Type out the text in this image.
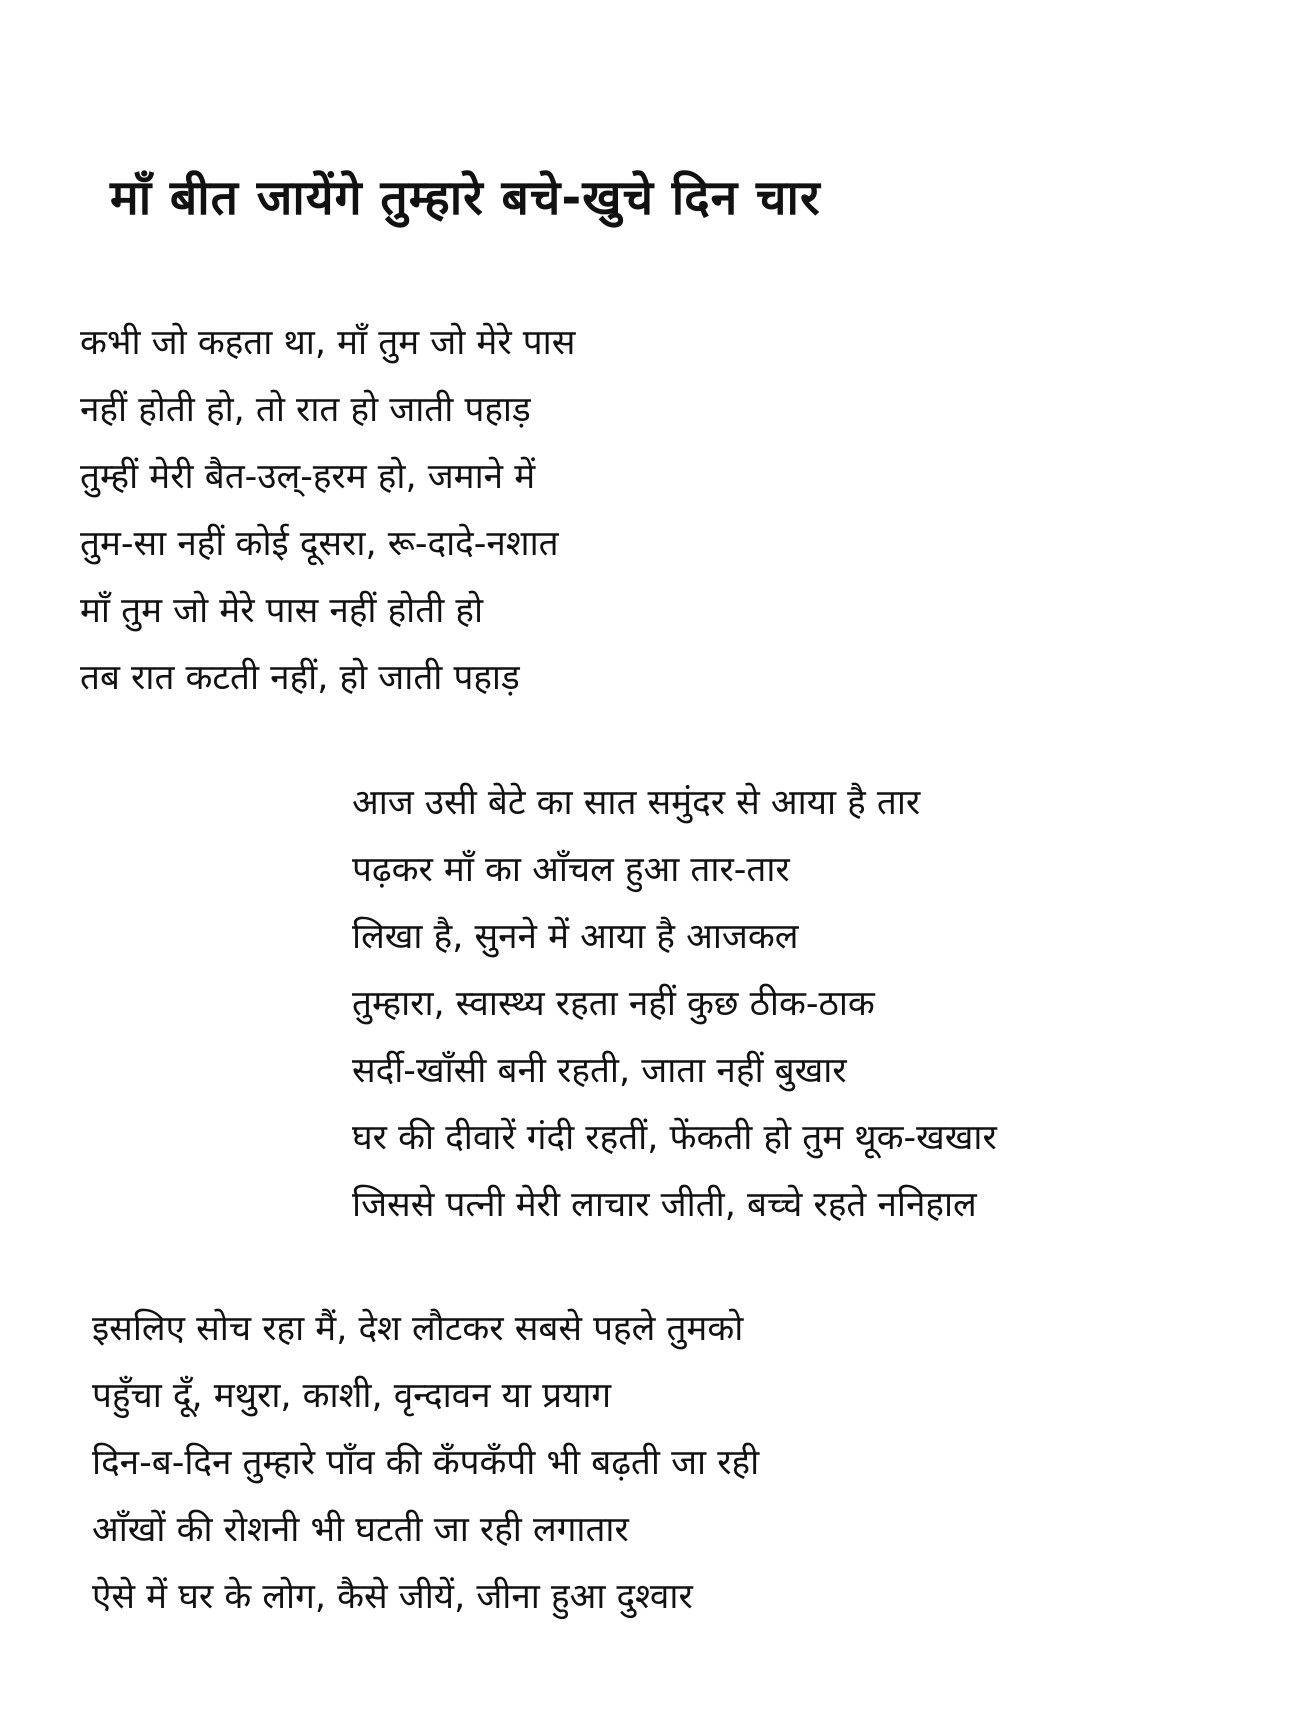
माँ बीत जायेंगे तुम्हारे बचे-खुचे दिन चार
कभी जो कहता था, माँ तुम जो मेरे पास
नहीं होती हो, तो रात हो जाती पहाड़
तुम्हीं मेरी बैत-उल्-हरम हो, जमाने में
तुम-सा नहीं कोई दूसरा, रू-दादे-नशात
माँ तुम जो मेरे पास नहीं होती हो
तब रात कटती नहीं, हो जाती पहाड़
आज उसी बेटे का सात समुंदर से आया है तार
पढ़कर माँ का आँचल हुआ तार-तार
लिखा है, सुनने में आया है आजकल
तुम्हारा, स्वास्थ्य रहता नहीं कुछ ठीक-ठाक
सर्दी-खाँसी बनी रहती, जाता नहीं बुखार
घर की दीवारें गंदी रहतीं, फेंकती हो तुम थूक-खखार
जिससे पत्नी मेरी लाचार जीती, बच्चे रहते ननिहाल
इसलिए सोच रहा मैं, देश लौटकर सबसे पहले तुमको
पहुँचा दूँ, मथुरा, काशी, वृन्दावन या प्रयाग
दिन-ब-दिन तुम्हारे पाँव की कँपकँपी भी बढ़ती जा रही
आँखों की रोशनी भी घटती जा रही लगातार
ऐसे में घर के लोग, कैसे जीयें, जीना हुआ दुश्वार
